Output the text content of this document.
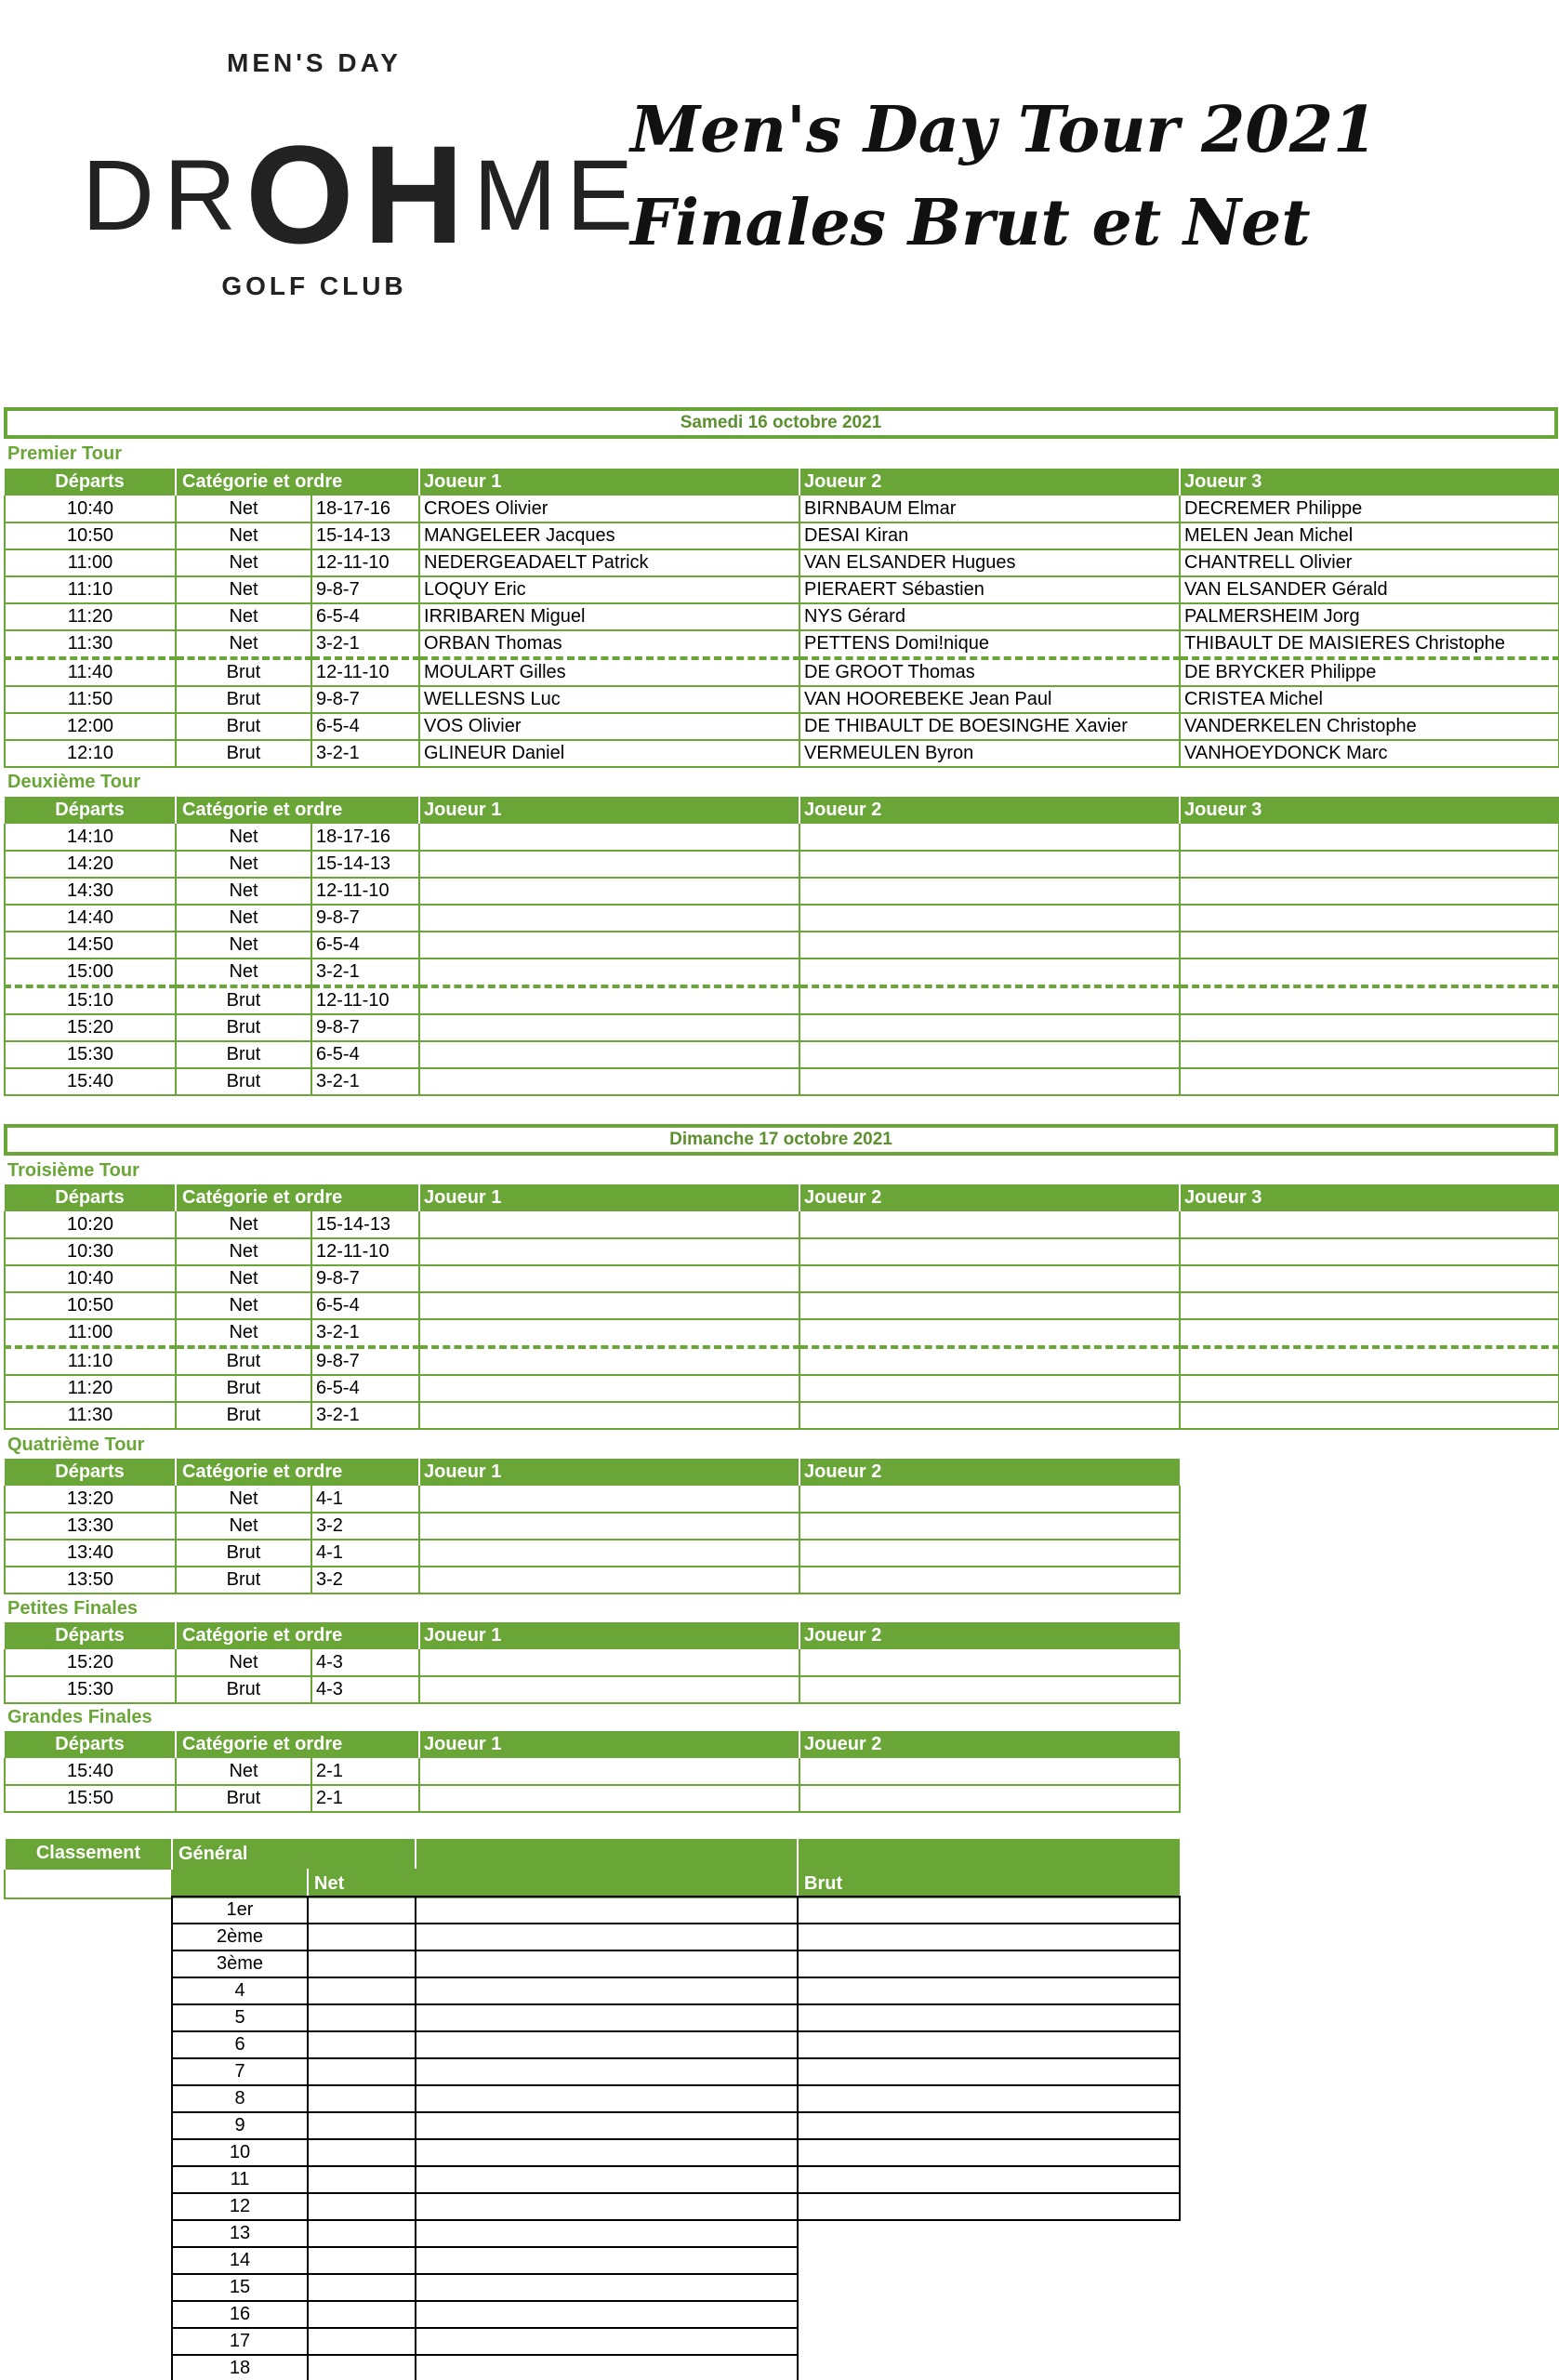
MEN'S DAY
DROHME
GOLF CLUB
Men's Day Tour 2021
Finales Brut et Net
Samedi 16 octobre 2021
Premier Tour
Départs	Catégorie et ordre		Joueur 1	Joueur 2	Joueur 3
10:40	Net	18-17-16	CROES Olivier	BIRNBAUM Elmar	DECREMER Philippe
10:50	Net	15-14-13	MANGELEER Jacques	DESAI Kiran	MELEN Jean Michel
11:00	Net	12-11-10	NEDERGEADAELT Patrick	VAN ELSANDER Hugues	CHANTRELL Olivier
11:10	Net	9-8-7	LOQUY Eric	PIERAERT Sébastien	VAN ELSANDER Gérald
11:20	Net	6-5-4	IRRIBAREN Miguel	NYS Gérard	PALMERSHEIM Jorg
11:30	Net	3-2-1	ORBAN Thomas	PETTENS Domi!nique	THIBAULT DE MAISIERES Christophe
11:40	Brut	12-11-10	MOULART Gilles	DE GROOT Thomas	DE BRYCKER Philippe
11:50	Brut	9-8-7	WELLESNS Luc	VAN HOOREBEKE Jean Paul	CRISTEA Michel
12:00	Brut	6-5-4	VOS Olivier	DE THIBAULT DE BOESINGHE Xavier	VANDERKELEN Christophe
12:10	Brut	3-2-1	GLINEUR Daniel	VERMEULEN Byron	VANHOEYDONCK Marc
Deuxième Tour
Départs	Catégorie et ordre		Joueur 1	Joueur 2	Joueur 3
14:10	Net	18-17-16			
14:20	Net	15-14-13			
14:30	Net	12-11-10			
14:40	Net	9-8-7			
14:50	Net	6-5-4			
15:00	Net	3-2-1			
15:10	Brut	12-11-10			
15:20	Brut	9-8-7			
15:30	Brut	6-5-4			
15:40	Brut	3-2-1			
Dimanche 17 octobre 2021
Troisième Tour
Départs	Catégorie et ordre		Joueur 1	Joueur 2	Joueur 3
10:20	Net	15-14-13			
10:30	Net	12-11-10			
10:40	Net	9-8-7			
10:50	Net	6-5-4			
11:00	Net	3-2-1			
11:10	Brut	9-8-7			
11:20	Brut	6-5-4			
11:30	Brut	3-2-1			
Quatrième Tour
Départs	Catégorie et ordre		Joueur 1	Joueur 2
13:20	Net	4-1		
13:30	Net	3-2		
13:40	Brut	4-1		
13:50	Brut	3-2		
Petites Finales
Départs	Catégorie et ordre		Joueur 1	Joueur 2
15:20	Net	4-3		
15:30	Brut	4-3		
Grandes Finales
Départs	Catégorie et ordre		Joueur 1	Joueur 2
15:40	Net	2-1		
15:50	Brut	2-1		
Classement	Général			
		Net		Brut
1er			
2ème			
3ème			
4			
5			
6			
7			
8			
9			
10			
11			
12			
13			
14			
15			
16			
17			
18			
